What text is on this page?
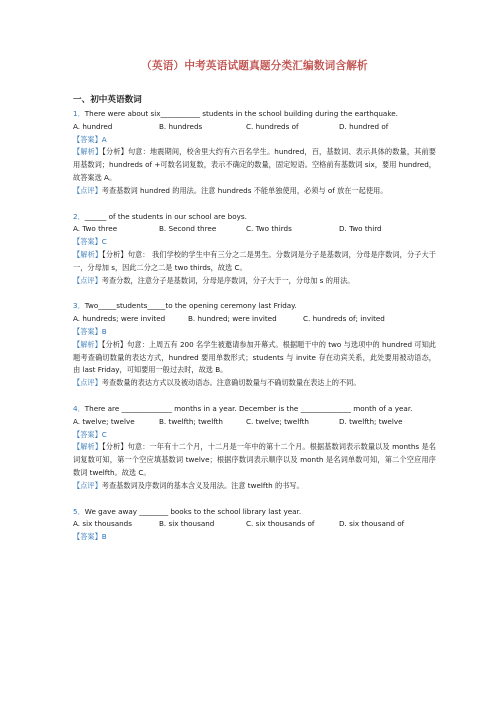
（英语）中考英语试题真题分类汇编数词含解析
一、初中英语数词

1．There were about six___________ students in the school building during the earthquake.

A. hundred	B. hundreds	C. hundreds of	D. hundred of

【答案】A

【解析】【分析】句意：地震期间，校舍里大约有六百名学生。hundred，百，基数词、表示具体的数量，其前要用基数词；hundreds of +可数名词复数，表示不确定的数量，固定短语。空格前有基数词 six，要用 hundred，故答案选 A。

【点评】考查基数词 hundred 的用法。注意 hundreds 不能单独使用，必须与 of 放在一起使用。

2．______ of the students in our school are boys.

A. Two three	B. Second three	C. Two thirds	D. Two third

【答案】C

【解析】【分析】句意： 我们学校的学生中有三分之二是男生。分数词是分子是基数词，分母是序数词，分子大于一，分母加 s，因此二分之二是 two thirds，故选 C。

【点评】考查分数，注意分子是基数词，分母是序数词，分子大于一，分母加 s 的用法。

3．Two_____students_____to the opening ceremony last Friday.

A. hundreds; were invited	B. hundred; were invited	C. hundreds of; invited

【答案】B

【解析】【分析】句意：上周五有 200 名学生被邀请参加开幕式。根据题干中的 two 与选项中的 hundred 可知此题考查确切数量的表达方式，hundred 要用单数形式；students 与 invite 存在动宾关系，此处要用被动语态，由 last Friday，可知要用一般过去时，故选 B。

【点评】考查数量的表达方式以及被动语态。注意确切数量与不确切数量在表达上的不同。

4．There are ______________ months in a year. December is the ______________ month of a year.

A. twelve; twelve	B. twelfth; twelfth	C. twelve; twelfth	D. twelfth; twelve

【答案】C

【解析】【分析】句意：一年有十二个月，十二月是一年中的第十二个月。根据基数词表示数量以及 months 是名词复数可知，第一个空应填基数词 twelve；根据序数词表示顺序以及 month 是名词单数可知，第二个空应用序数词 twelfth。故选 C。

【点评】考查基数词及序数词的基本含义及用法。注意 twelfth 的书写。

5．We gave away ________ books to the school library last year.

A. six thousands	B. six thousand	C. six thousands of	D. six thousand of

【答案】B
